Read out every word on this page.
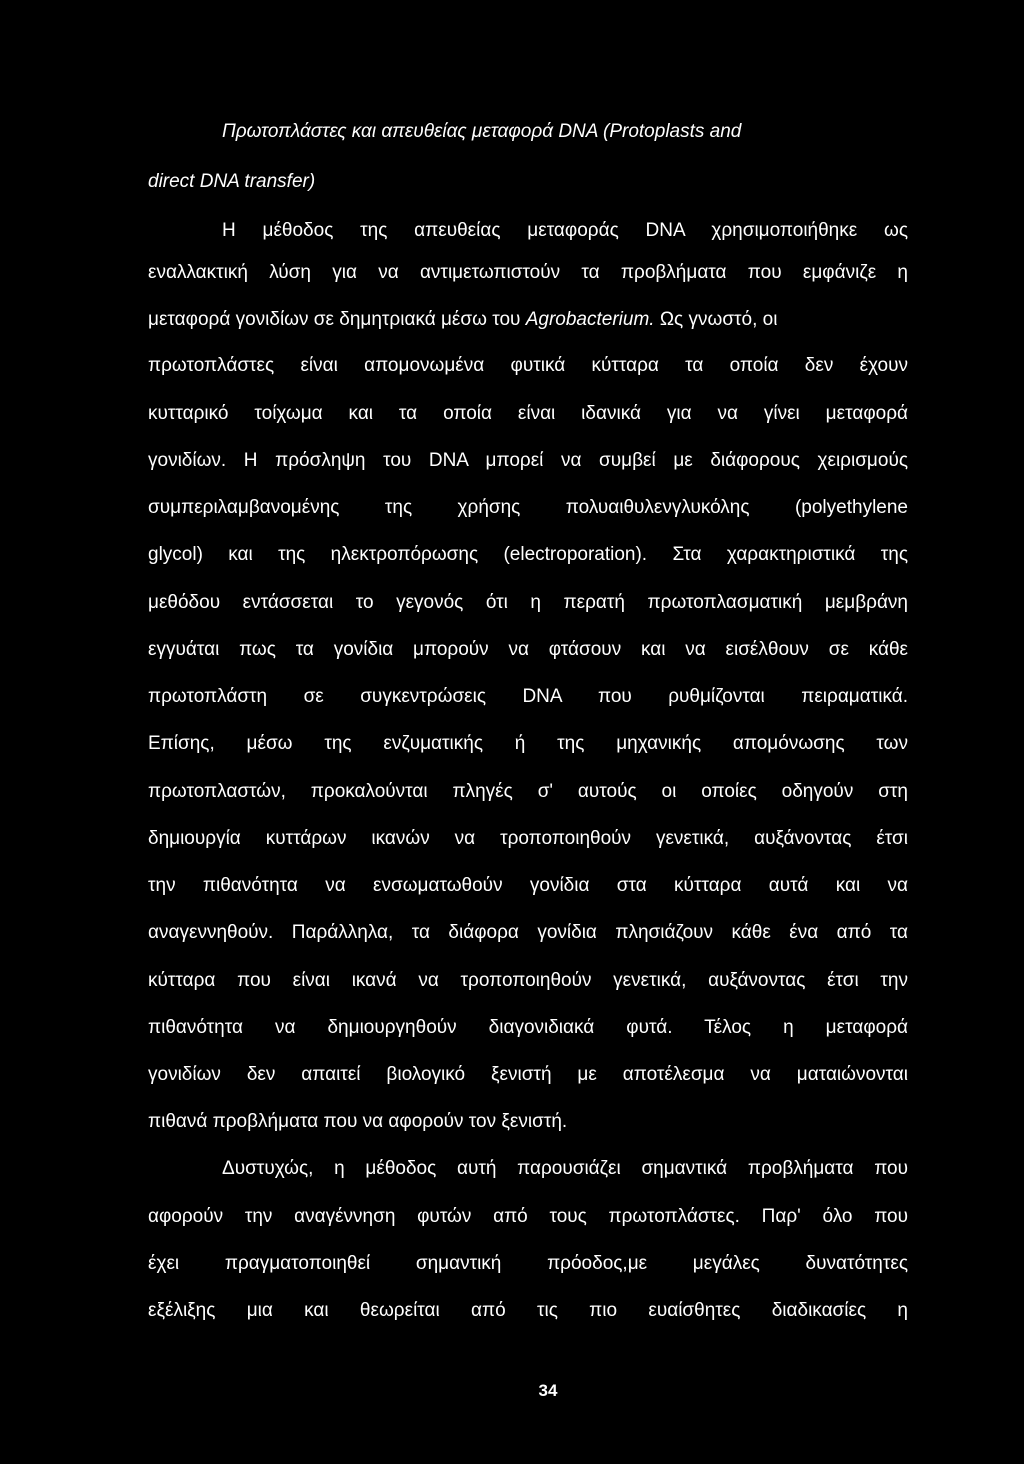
Πρωτοπλάστες και απευθείας μεταφορά DNA (Protoplasts and
direct DNA transfer)
Η μέθοδος της απευθείας μεταφοράς DNA χρησιμοποιήθηκε ως
εναλλακτική λύση για να αντιμετωπιστούν τα προβλήματα που εμφάνιζε η
μεταφορά γονιδίων σε δημητριακά μέσω του Agrobacterium. Ως γνωστό, οι
πρωτοπλάστες είναι απομονωμένα φυτικά κύτταρα τα οποία δεν έχουν
κυτταρικό τοίχωμα και τα οποία είναι ιδανικά για να γίνει μεταφορά
γονιδίων. Η πρόσληψη του DNA μπορεί να συμβεί με διάφορους χειρισμούς
συμπεριλαμβανομένης της χρήσης πολυαιθυλενγλυκόλης (polyethylene
glycol) και της ηλεκτροπόρωσης (electroporation). Στα χαρακτηριστικά της
μεθόδου εντάσσεται το γεγονός ότι η περατή πρωτοπλασματική μεμβράνη
εγγυάται πως τα γονίδια μπορούν να φτάσουν και να εισέλθουν σε κάθε
πρωτοπλάστη σε συγκεντρώσεις DNA που ρυθμίζονται πειραματικά.
Επίσης, μέσω της ενζυματικής ή της μηχανικής απομόνωσης των
πρωτοπλαστών, προκαλούνται πληγές σ' αυτούς οι οποίες οδηγούν στη
δημιουργία κυττάρων ικανών να τροποποιηθούν γενετικά, αυξάνοντας έτσι
την πιθανότητα να ενσωματωθούν γονίδια στα κύτταρα αυτά και να
αναγεννηθούν. Παράλληλα, τα διάφορα γονίδια πλησιάζουν κάθε ένα από τα
κύτταρα που είναι ικανά να τροποποιηθούν γενετικά, αυξάνοντας έτσι την
πιθανότητα να δημιουργηθούν διαγονιδιακά φυτά. Τέλος η μεταφορά
γονιδίων δεν απαιτεί βιολογικό ξενιστή με αποτέλεσμα να ματαιώνονται
πιθανά προβλήματα που να αφορούν τον ξενιστή.
Δυστυχώς, η μέθοδος αυτή παρουσιάζει σημαντικά προβλήματα που
αφορούν την αναγέννηση φυτών από τους πρωτοπλάστες. Παρ' όλο που
έχει πραγματοποιηθεί σημαντική πρόοδος,με μεγάλες δυνατότητες
εξέλιξης μια και θεωρείται από τις πιο ευαίσθητες διαδικασίες η
34
